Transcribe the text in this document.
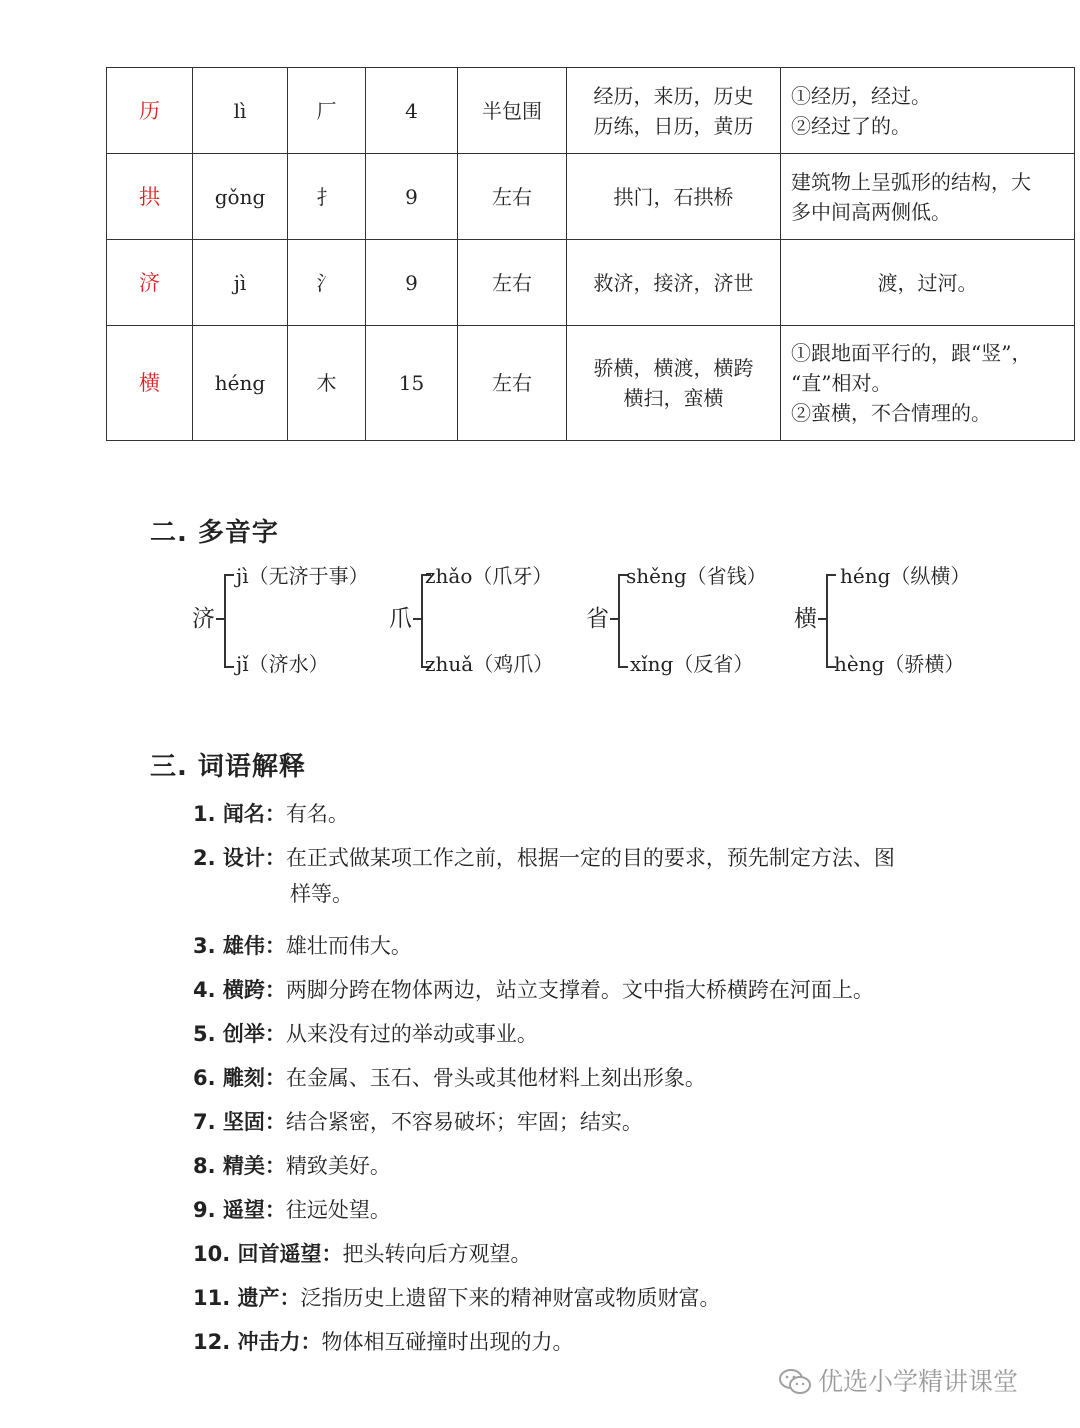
历	lì	厂	4	半包围	经历，来历，历史
历练，日历，黄历	①经历，经过。
②经过了的。

拱	gǒng	扌	9	左右	拱门，石拱桥	建筑物上呈弧形的结构，大
多中间高两侧低。

济	jì	氵	9	左右	救济，接济，济世	渡，过河。

横	héng	木	15	左右	骄横，横渡，横跨
横扫，蛮横	①跟地面平行的，跟“竖”，
“直”相对。
②蛮横，不合情理的。
二. 多音字
济
jì（无济于事）
jǐ（济水）
爪
zhǎo（爪牙）
zhuǎ（鸡爪）
省
shěng（省钱）
xǐng（反省）
横
héng（纵横）
hèng（骄横）
三. 词语解释
1. 闻名：有名。
2. 设计：在正式做某项工作之前，根据一定的目的要求，预先制定方法、图
样等。
3. 雄伟：雄壮而伟大。
4. 横跨：两脚分跨在物体两边，站立支撑着。文中指大桥横跨在河面上。
5. 创举：从来没有过的举动或事业。
6. 雕刻：在金属、玉石、骨头或其他材料上刻出形象。
7. 坚固：结合紧密，不容易破坏；牢固；结实。
8. 精美：精致美好。
9. 遥望：往远处望。
10. 回首遥望：把头转向后方观望。
11. 遗产：泛指历史上遗留下来的精神财富或物质财富。
12. 冲击力：物体相互碰撞时出现的力。
优选小学精讲课堂
